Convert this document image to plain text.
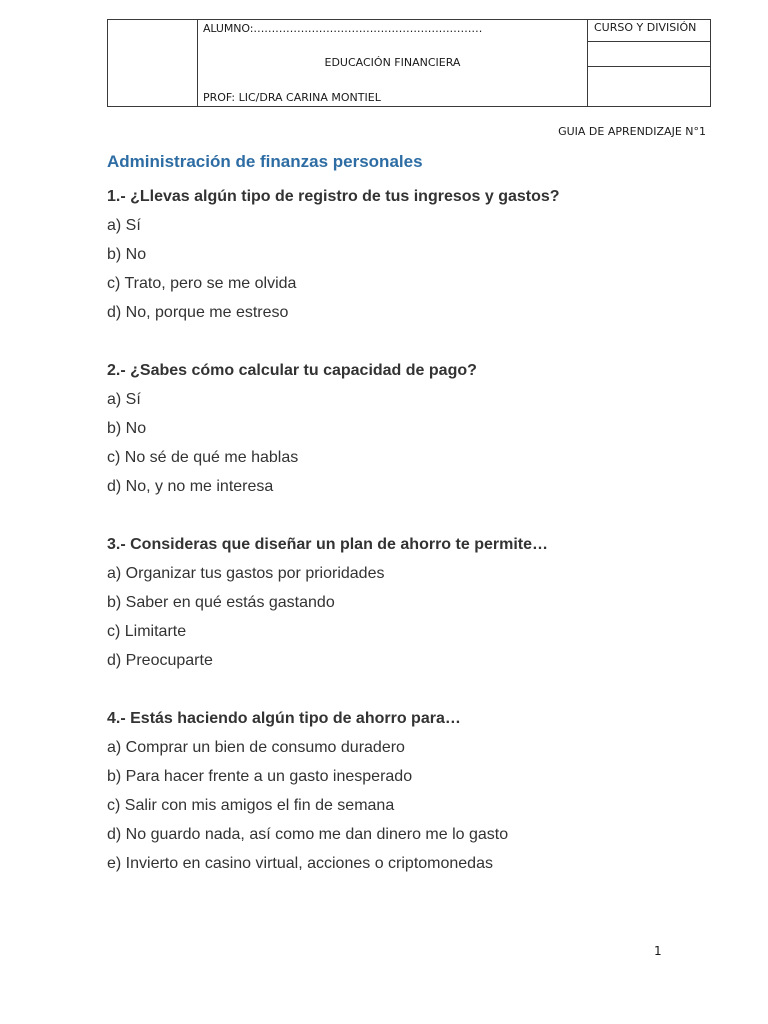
ALUMNO:………………………………………………………
EDUCACIÓN FINANCIERA
PROF: LIC/DRA CARINA MONTIEL
CURSO Y DIVISIÓN
GUIA DE APRENDIZAJE N°1
Administración de finanzas personales
1.- ¿Llevas algún tipo de registro de tus ingresos y gastos?
a) Sí
b) No
c) Trato, pero se me olvida
d) No, porque me estreso
2.- ¿Sabes cómo calcular tu capacidad de pago?
a) Sí
b) No
c) No sé de qué me hablas
d) No, y no me interesa
3.- Consideras que diseñar un plan de ahorro te permite…
a) Organizar tus gastos por prioridades
b) Saber en qué estás gastando
c) Limitarte
d) Preocuparte
4.- Estás haciendo algún tipo de ahorro para…
a) Comprar un bien de consumo duradero
b) Para hacer frente a un gasto inesperado
c) Salir con mis amigos el fin de semana
d) No guardo nada, así como me dan dinero me lo gasto
e) Invierto en casino virtual, acciones o criptomonedas
1
